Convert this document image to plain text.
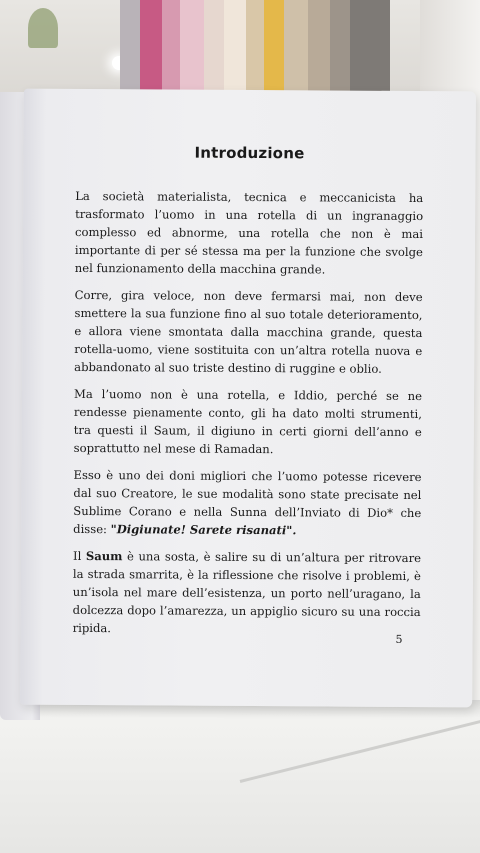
Introduzione

La società materialista, tecnica e meccanicista ha trasformato l’uomo in una rotella di un ingranaggio complesso ed abnorme, una rotella che non è mai importante di per sé stessa ma per la funzione che svolge nel funzionamento della macchina grande.

Corre, gira veloce, non deve fermarsi mai, non deve smettere la sua funzione fino al suo totale deterioramento, e allora viene smontata dalla macchina grande, questa rotella-uomo, viene sostituita con un’altra rotella nuova e abbandonato al suo triste destino di ruggine e oblio.

Ma l’uomo non è una rotella, e Iddio, perché se ne rendesse pienamente conto, gli ha dato molti strumenti, tra questi il Saum, il digiuno in certi giorni dell’anno e soprattutto nel mese di Ramadan.

Esso è uno dei doni migliori che l’uomo potesse ricevere dal suo Creatore, le sue modalità sono state precisate nel Sublime Corano e nella Sunna dell’Inviato di Dio* che disse: "Digiunate! Sarete risanati".

Il Saum è una sosta, è salire su di un’altura per ritrovare la strada smarrita, è la riflessione che risolve i problemi, è un’isola nel mare dell’esistenza, un porto nell’uragano, la dolcezza dopo l’amarezza, un appiglio sicuro su una roccia ripida.

5
